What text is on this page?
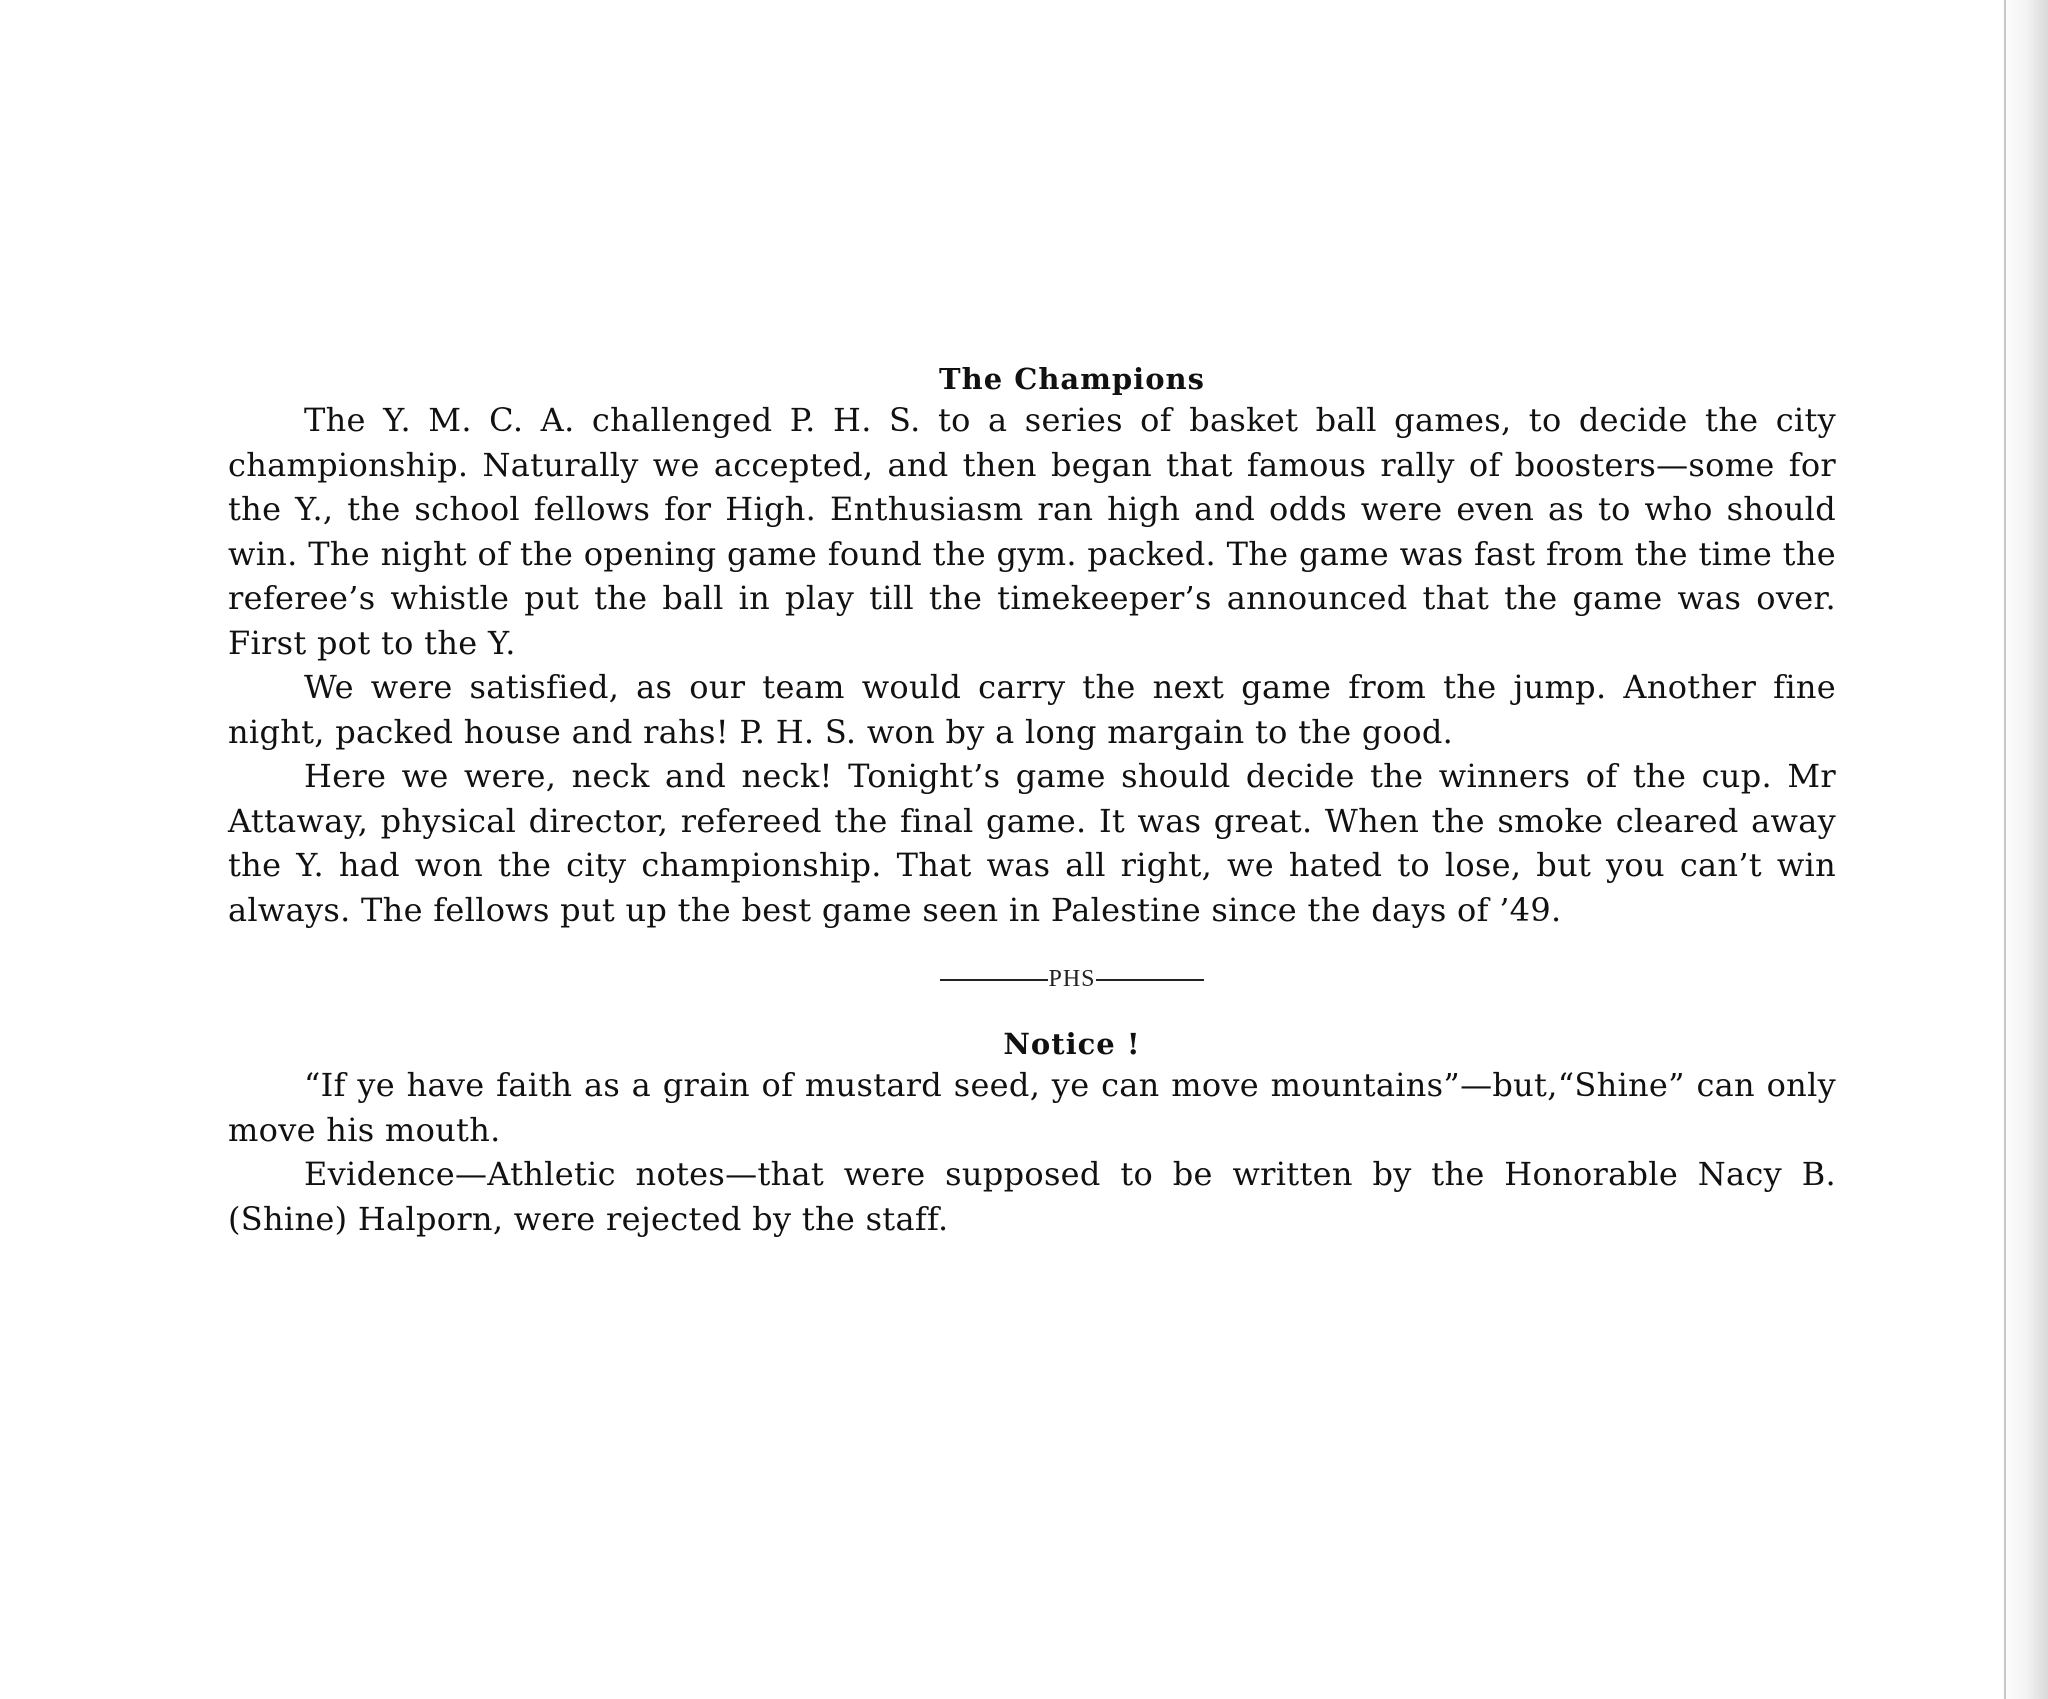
The Champions

The Y. M. C. A. challenged P. H. S. to a series of basket ball games, to decide the city championship. Naturally we accepted, and then began that famous rally of boosters—some for the Y., the school fellows for High. Enthusiasm ran high and odds were even as to who should win. The night of the opening game found the gym. packed. The game was fast from the time the referee’s whistle put the ball in play till the timekeeper’s announced that the game was over. First pot to the Y.

We were satisfied, as our team would carry the next game from the jump. Another fine night, packed house and rahs! P. H. S. won by a long margain to the good.

Here we were, neck and neck! Tonight’s game should decide the winners of the cup. Mr Attaway, physical director, refereed the final game. It was great. When the smoke cleared away the Y. had won the city championship. That was all right, we hated to lose, but you can’t win always. The fellows put up the best game seen in Palestine since the days of ’49.

PHS
Notice !

“If ye have faith as a grain of mustard seed, ye can move mountains”—but,“Shine” can only move his mouth.

Evidence—Athletic notes—that were supposed to be written by the Honorable Nacy B. (Shine) Halporn, were rejected by the staff.
